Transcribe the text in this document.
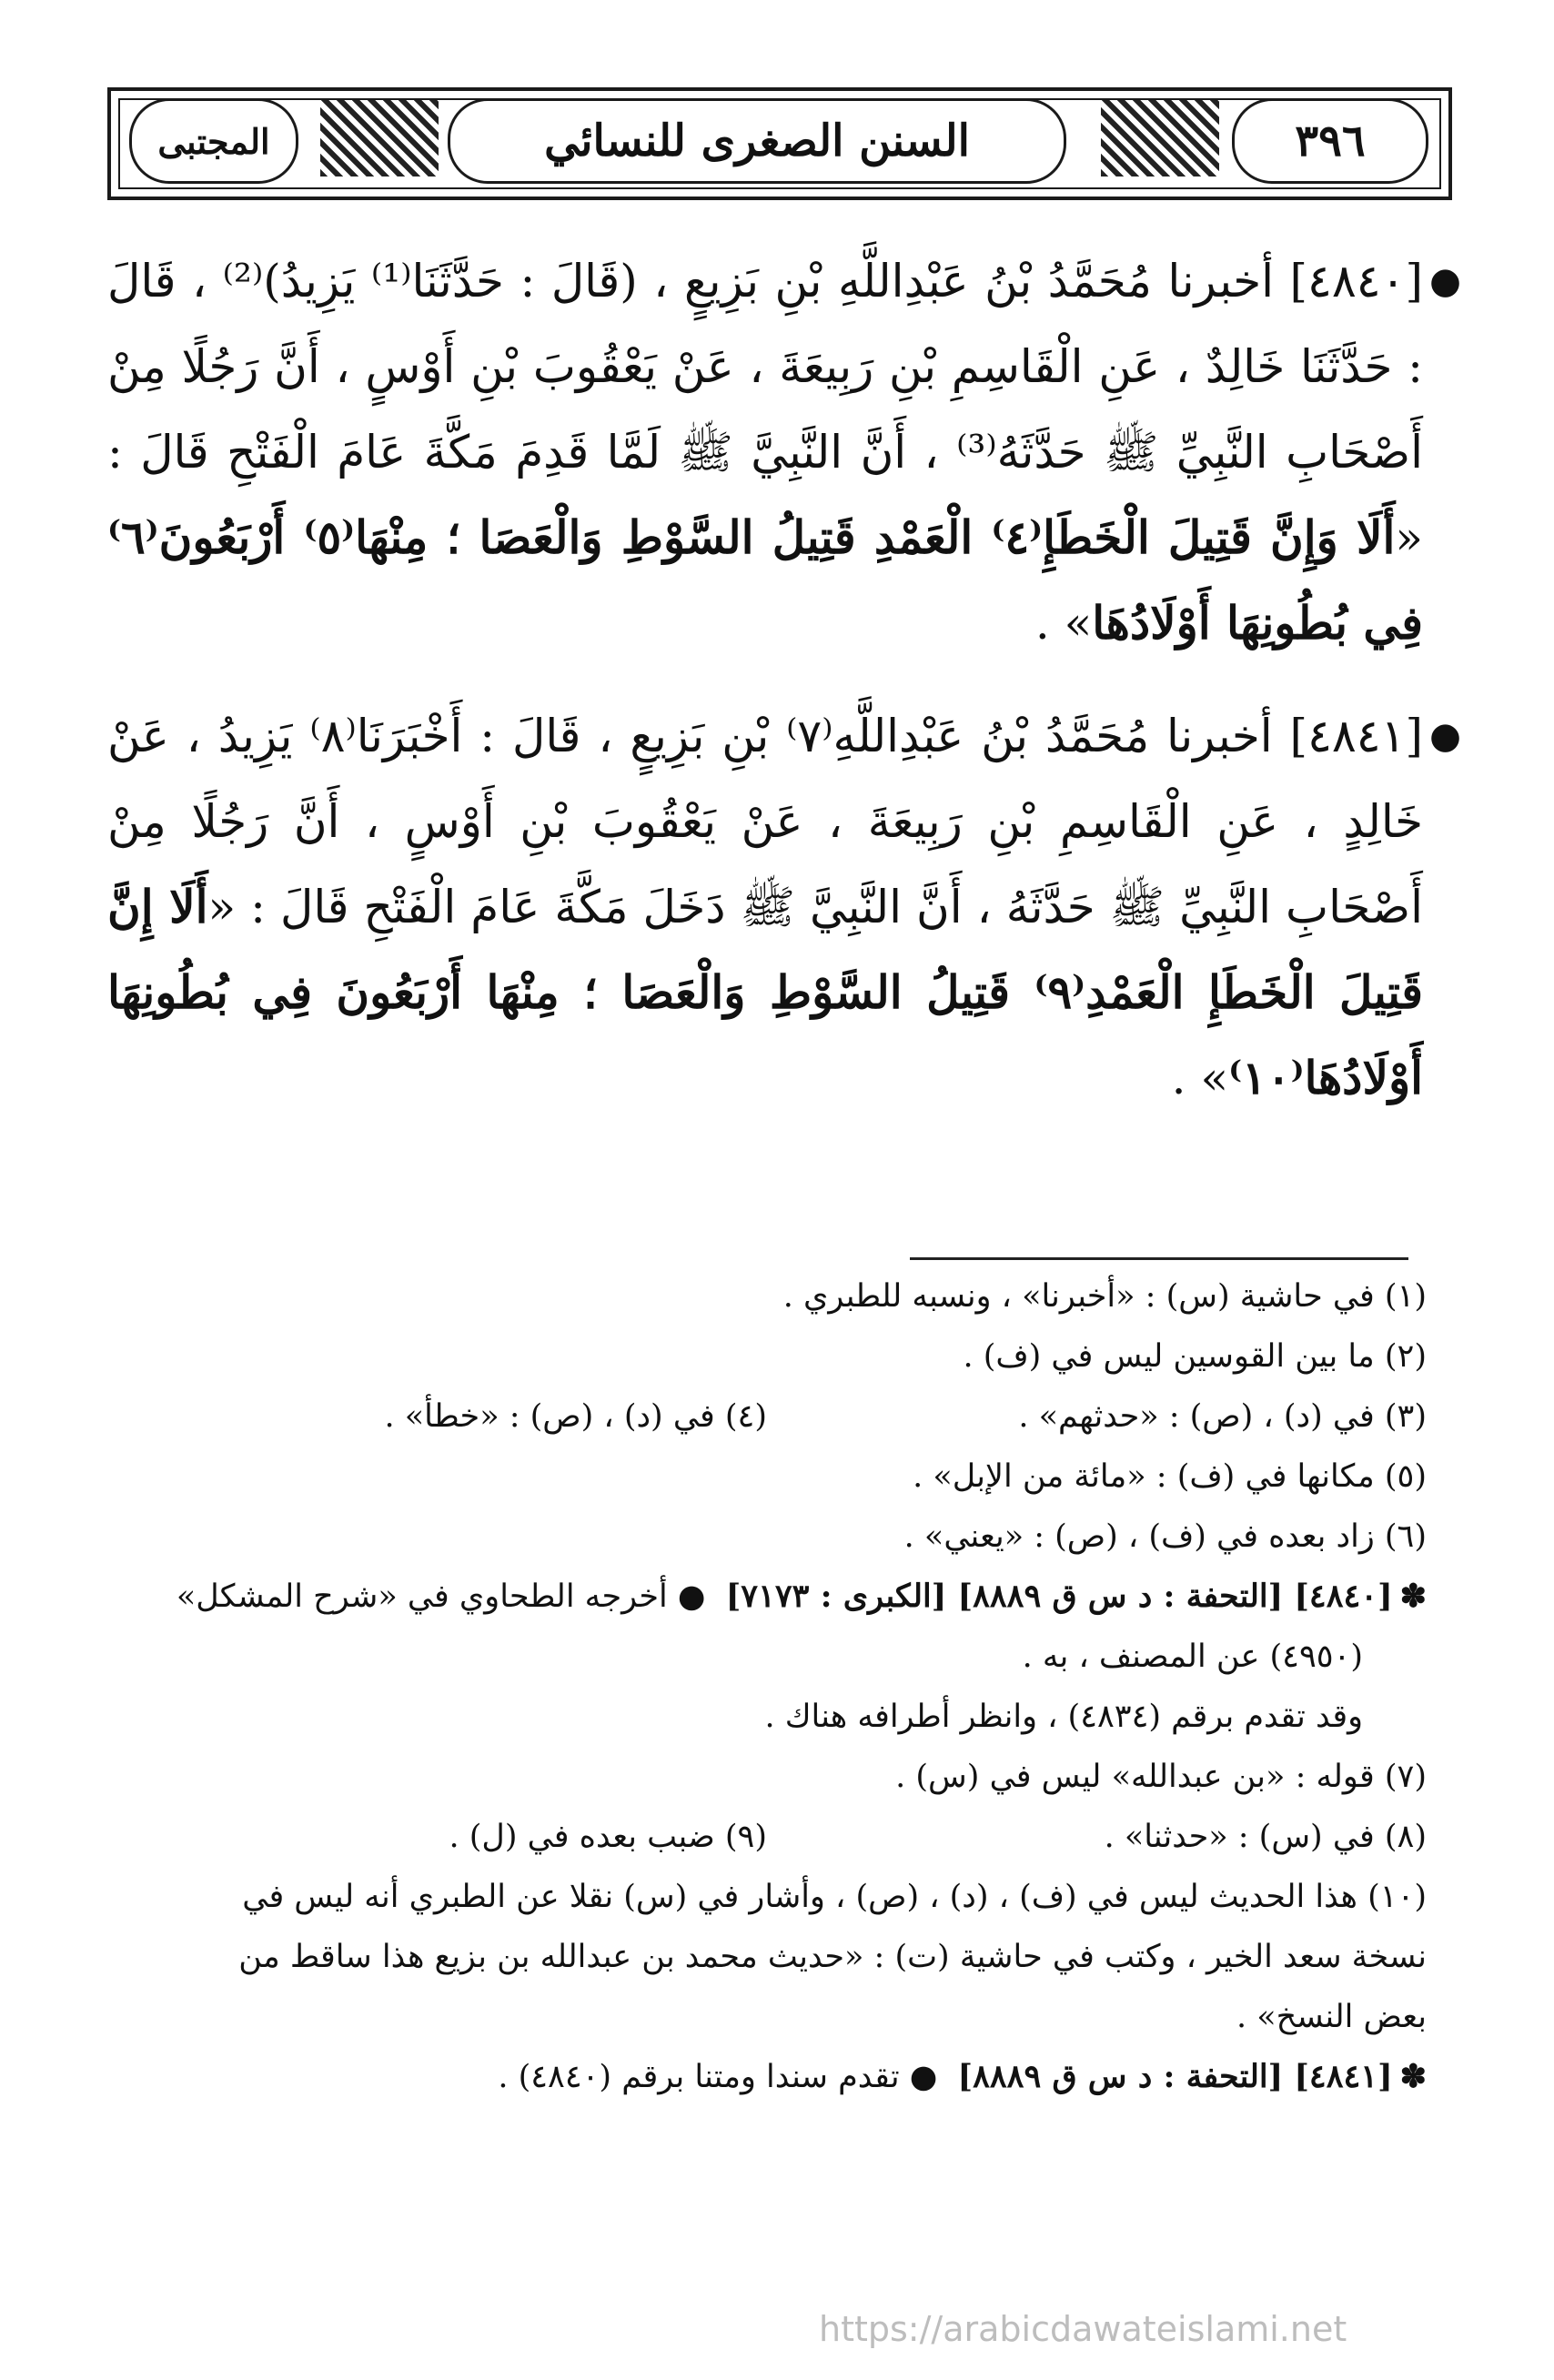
المجتبى	السنن الصغرى للنسائي	٣٩٦

●
[٤٨٤٠] أخبرنا مُحَمَّدُ بْنُ عَبْدِاللَّهِ بْنِ بَزِيعٍ ، (قَالَ : حَدَّثَنَا⁽¹⁾ يَزِيدُ)⁽²⁾ ، قَالَ : حَدَّثَنَا خَالِدٌ ، عَنِ الْقَاسِمِ بْنِ رَبِيعَةَ ، عَنْ يَعْقُوبَ بْنِ أَوْسٍ ، أَنَّ رَجُلًا مِنْ أَصْحَابِ النَّبِيِّ ﷺ حَدَّثَهُ⁽³⁾ ، أَنَّ النَّبِيَّ ﷺ لَمَّا قَدِمَ مَكَّةَ عَامَ الْفَتْحِ قَالَ : «أَلَا وَإِنَّ قَتِيلَ الْخَطَإِ⁽٤⁾ الْعَمْدِ قَتِيلُ السَّوْطِ وَالْعَصَا ؛ مِنْهَا⁽٥⁾ أَرْبَعُونَ⁽٦⁾ فِي بُطُونِهَا أَوْلَادُهَا» .

●
[٤٨٤١] أخبرنا مُحَمَّدُ بْنُ عَبْدِاللَّهِ⁽٧⁾ بْنِ بَزِيعٍ ، قَالَ : أَخْبَرَنَا⁽٨⁾ يَزِيدُ ، عَنْ خَالِدٍ ، عَنِ الْقَاسِمِ بْنِ رَبِيعَةَ ، عَنْ يَعْقُوبَ بْنِ أَوْسٍ ، أَنَّ رَجُلًا مِنْ أَصْحَابِ النَّبِيِّ ﷺ حَدَّثَهُ ، أَنَّ النَّبِيَّ ﷺ دَخَلَ مَكَّةَ عَامَ الْفَتْحِ قَالَ : «أَلَا إِنَّ قَتِيلَ الْخَطَإِ الْعَمْدِ⁽٩⁾ قَتِيلُ السَّوْطِ وَالْعَصَا ؛ مِنْهَا أَرْبَعُونَ فِي بُطُونِهَا أَوْلَادُهَا⁽١٠⁾» .

(١) في حاشية (س) : «أخبرنا» ، ونسبه للطبري .

(٢) ما بين القوسين ليس في (ف) .

(٣) في (د) ، (ص) : «حدثهم» .
(٤) في (د) ، (ص) : «خطأ» .

(٥) مكانها في (ف) : «مائة من الإبل» .

(٦) زاد بعده في (ف) ، (ص) : «يعني» .

✽
[٤٨٤٠] [التحفة : د س ق ٨٨٨٩] [الكبرى : ٧١٧٣]

● أخرجه الطحاوي في «شرح المشكل»

(٤٩٥٠) عن المصنف ، به .

وقد تقدم برقم (٤٨٣٤) ، وانظر أطرافه هناك .

(٧) قوله : «بن عبدالله» ليس في (س) .

(٨) في (س) : «حدثنا» .
(٩) ضبب بعده في (ل) .

(١٠) هذا الحديث ليس في (ف) ، (د) ، (ص) ، وأشار في (س) نقلا عن الطبري أنه ليس في

نسخة سعد الخير ، وكتب في حاشية (ت) : «حديث محمد بن عبدالله بن بزيع هذا ساقط من

بعض النسخ» .

✽
[٤٨٤١] [التحفة : د س ق ٨٨٨٩]

● تقدم سندا ومتنا برقم (٤٨٤٠) .

https://arabicdawateislami.net
